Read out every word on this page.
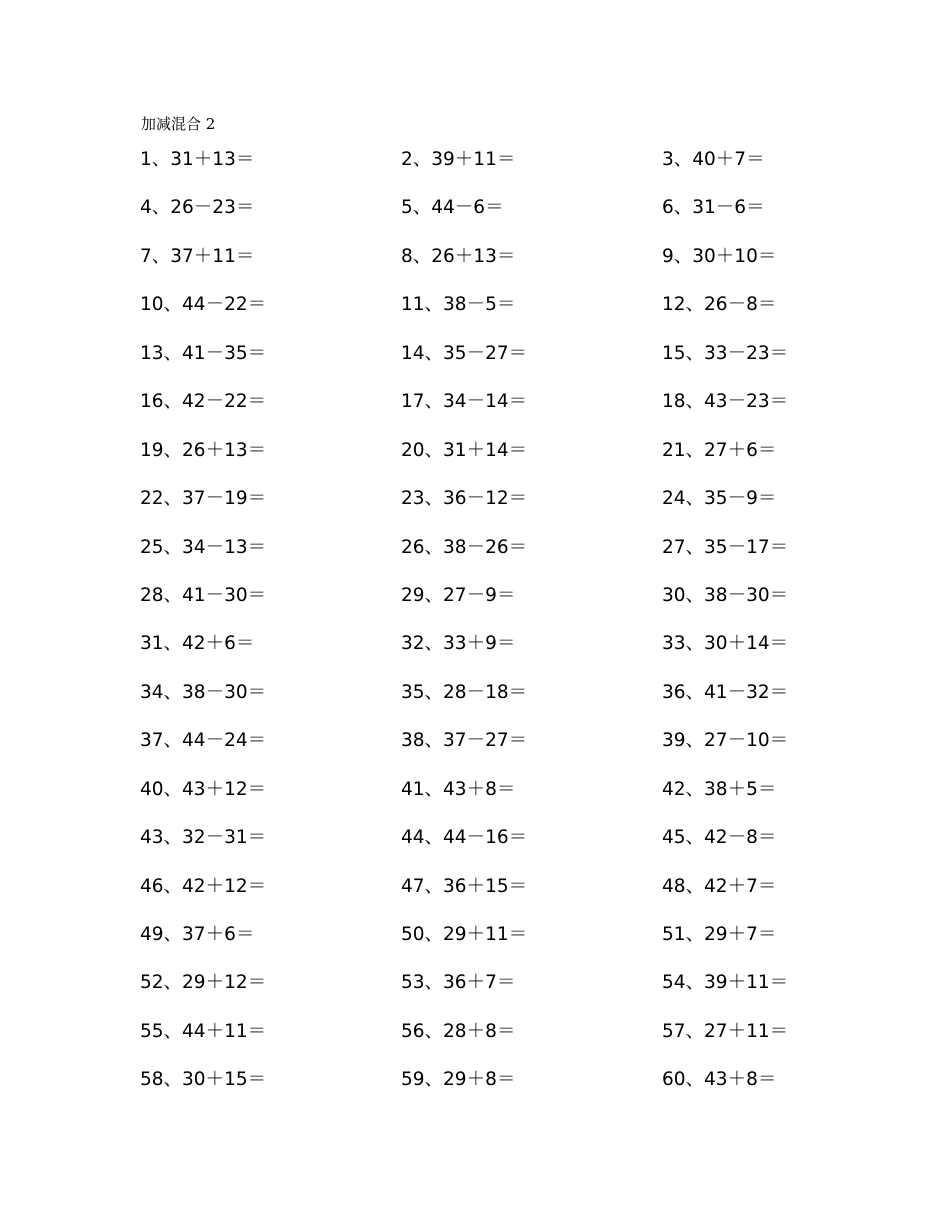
加减混合 2
1、31＋13＝	2、39＋11＝	3、40＋7＝
4、26－23＝	5、44－6＝	6、31－6＝
7、37＋11＝	8、26＋13＝	9、30＋10＝
10、44－22＝	11、38－5＝	12、26－8＝
13、41－35＝	14、35－27＝	15、33－23＝
16、42－22＝	17、34－14＝	18、43－23＝
19、26＋13＝	20、31＋14＝	21、27＋6＝
22、37－19＝	23、36－12＝	24、35－9＝
25、34－13＝	26、38－26＝	27、35－17＝
28、41－30＝	29、27－9＝	30、38－30＝
31、42＋6＝	32、33＋9＝	33、30＋14＝
34、38－30＝	35、28－18＝	36、41－32＝
37、44－24＝	38、37－27＝	39、27－10＝
40、43＋12＝	41、43＋8＝	42、38＋5＝
43、32－31＝	44、44－16＝	45、42－8＝
46、42＋12＝	47、36＋15＝	48、42＋7＝
49、37＋6＝	50、29＋11＝	51、29＋7＝
52、29＋12＝	53、36＋7＝	54、39＋11＝
55、44＋11＝	56、28＋8＝	57、27＋11＝
58、30＋15＝	59、29＋8＝	60、43＋8＝
